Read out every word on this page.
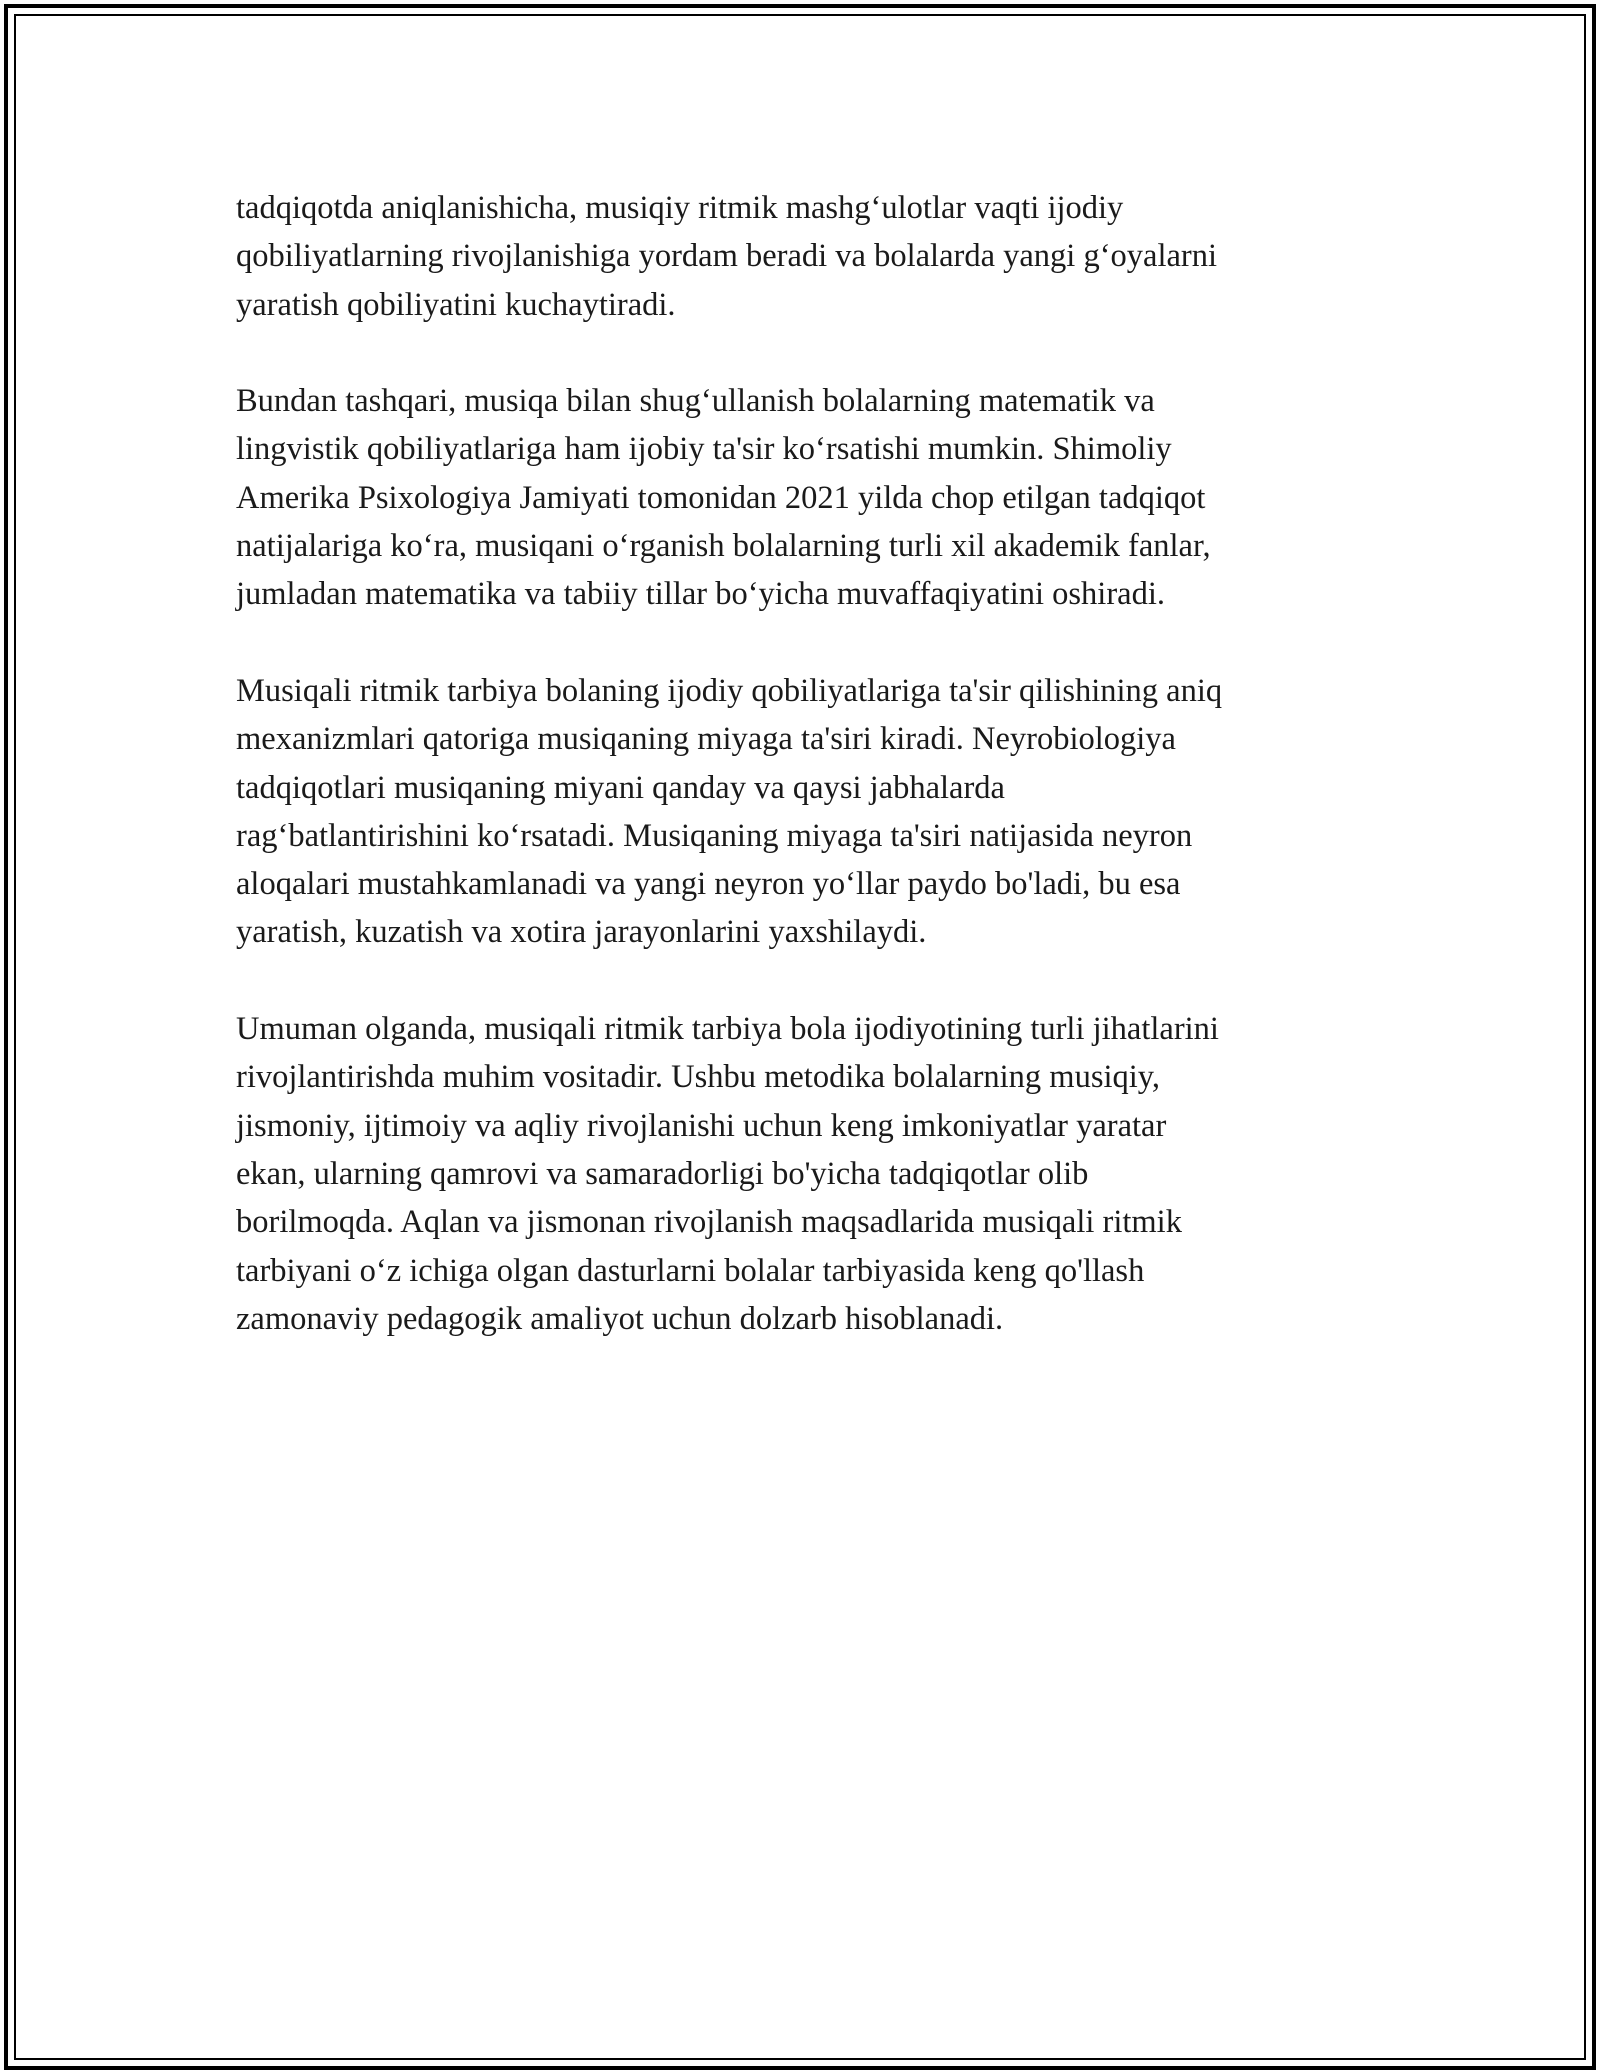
tadqiqotda aniqlanishicha, musiqiy ritmik mashg‘ulotlar vaqti ijodiy
qobiliyatlarning rivojlanishiga yordam beradi va bolalarda yangi g‘oyalarni
yaratish qobiliyatini kuchaytiradi.

Bundan tashqari, musiqa bilan shug‘ullanish bolalarning matematik va
lingvistik qobiliyatlariga ham ijobiy ta'sir ko‘rsatishi mumkin. Shimoliy
Amerika Psixologiya Jamiyati tomonidan 2021 yilda chop etilgan tadqiqot
natijalariga ko‘ra, musiqani o‘rganish bolalarning turli xil akademik fanlar,
jumladan matematika va tabiiy tillar bo‘yicha muvaffaqiyatini oshiradi.

Musiqali ritmik tarbiya bolaning ijodiy qobiliyatlariga ta'sir qilishining aniq
mexanizmlari qatoriga musiqaning miyaga ta'siri kiradi. Neyrobiologiya
tadqiqotlari musiqaning miyani qanday va qaysi jabhalarda
rag‘batlantirishini ko‘rsatadi. Musiqaning miyaga ta'siri natijasida neyron
aloqalari mustahkamlanadi va yangi neyron yo‘llar paydo bo'ladi, bu esa
yaratish, kuzatish va xotira jarayonlarini yaxshilaydi.

Umuman olganda, musiqali ritmik tarbiya bola ijodiyotining turli jihatlarini
rivojlantirishda muhim vositadir. Ushbu metodika bolalarning musiqiy,
jismoniy, ijtimoiy va aqliy rivojlanishi uchun keng imkoniyatlar yaratar
ekan, ularning qamrovi va samaradorligi bo'yicha tadqiqotlar olib
borilmoqda. Aqlan va jismonan rivojlanish maqsadlarida musiqali ritmik
tarbiyani o‘z ichiga olgan dasturlarni bolalar tarbiyasida keng qo'llash
zamonaviy pedagogik amaliyot uchun dolzarb hisoblanadi.
